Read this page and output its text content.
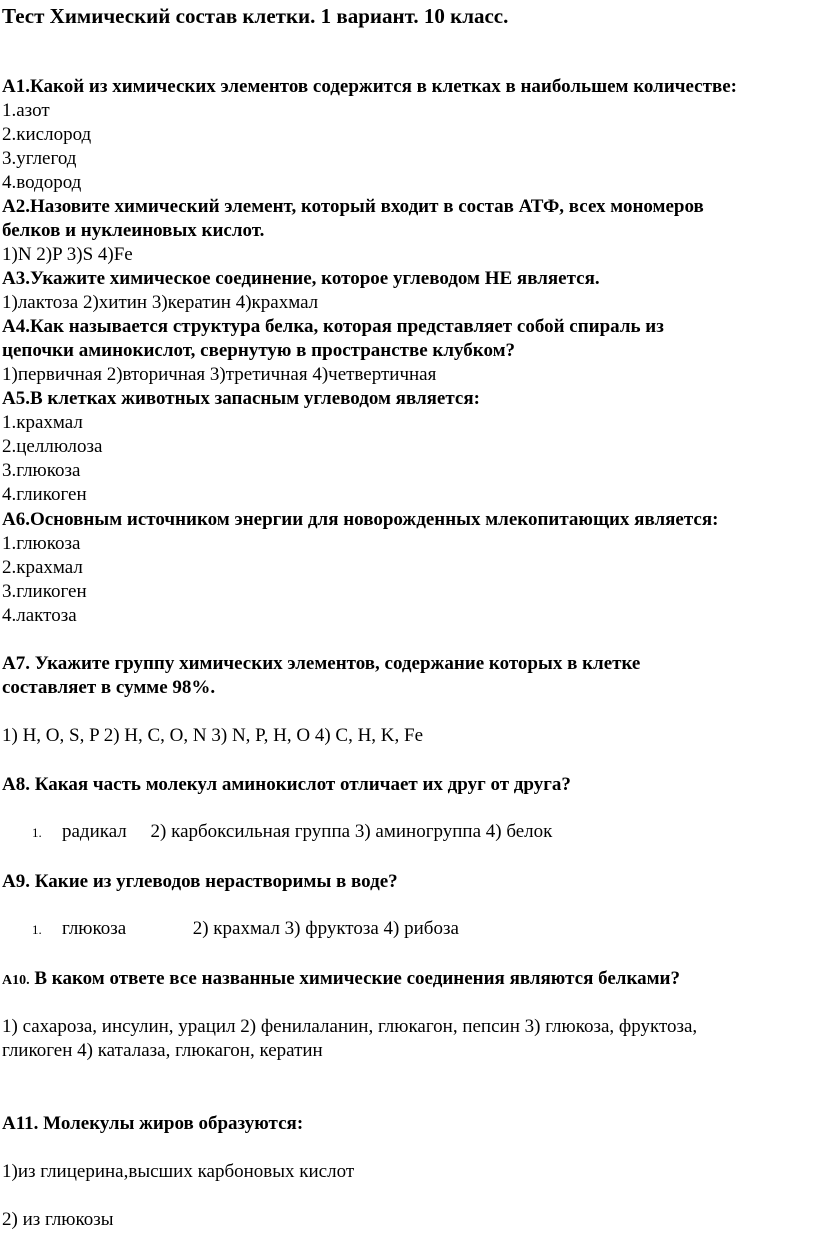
Тест Химический состав клетки. 1 вариант. 10 класс.
А1.Какой из химических элементов содержится в клетках в наибольшем количестве:
1.азот
2.кислород
3.углегод
4.водород
А2.Назовите химический элемент, который входит в состав АТФ, всех мономеров
белков и нуклеиновых кислот.
1)N 2)P 3)S 4)Fe
А3.Укажите химическое соединение, которое углеводом НЕ является.
1)лактоза 2)хитин 3)кератин 4)крахмал
А4.Как называется структура белка, которая представляет собой спираль из
цепочки аминокислот, свернутую в пространстве клубком?
1)первичная 2)вторичная 3)третичная 4)четвертичная
А5.В клетках животных запасным углеводом является:
1.крахмал
2.целлюлоза
3.глюкоза
4.гликоген
А6.Основным источником энергии для новорожденных млекопитающих является:
1.глюкоза
2.крахмал
3.гликоген
4.лактоза
А7. Укажите группу химических элементов, содержание которых в клетке
составляет в сумме 98%.
1) H, O, S, P 2) H, C, O, N 3) N, P, H, O 4) C, H, K, Fe
А8. Какая часть молекул аминокислот отличает их друг от друга?
1. радикал     2) карбоксильная группа 3) аминогруппа 4) белок
А9. Какие из углеводов нерастворимы в воде?
1. глюкоза              2) крахмал 3) фруктоза 4) рибоза
А10. В каком ответе все названные химические соединения являются белками?
1) сахароза, инсулин, урацил 2) фенилаланин, глюкагон, пепсин 3) глюкоза, фруктоза,
гликоген 4) каталаза, глюкагон, кератин
А11. Молекулы жиров образуются:
1)из глицерина,высших карбоновых кислот
2) из глюкозы
